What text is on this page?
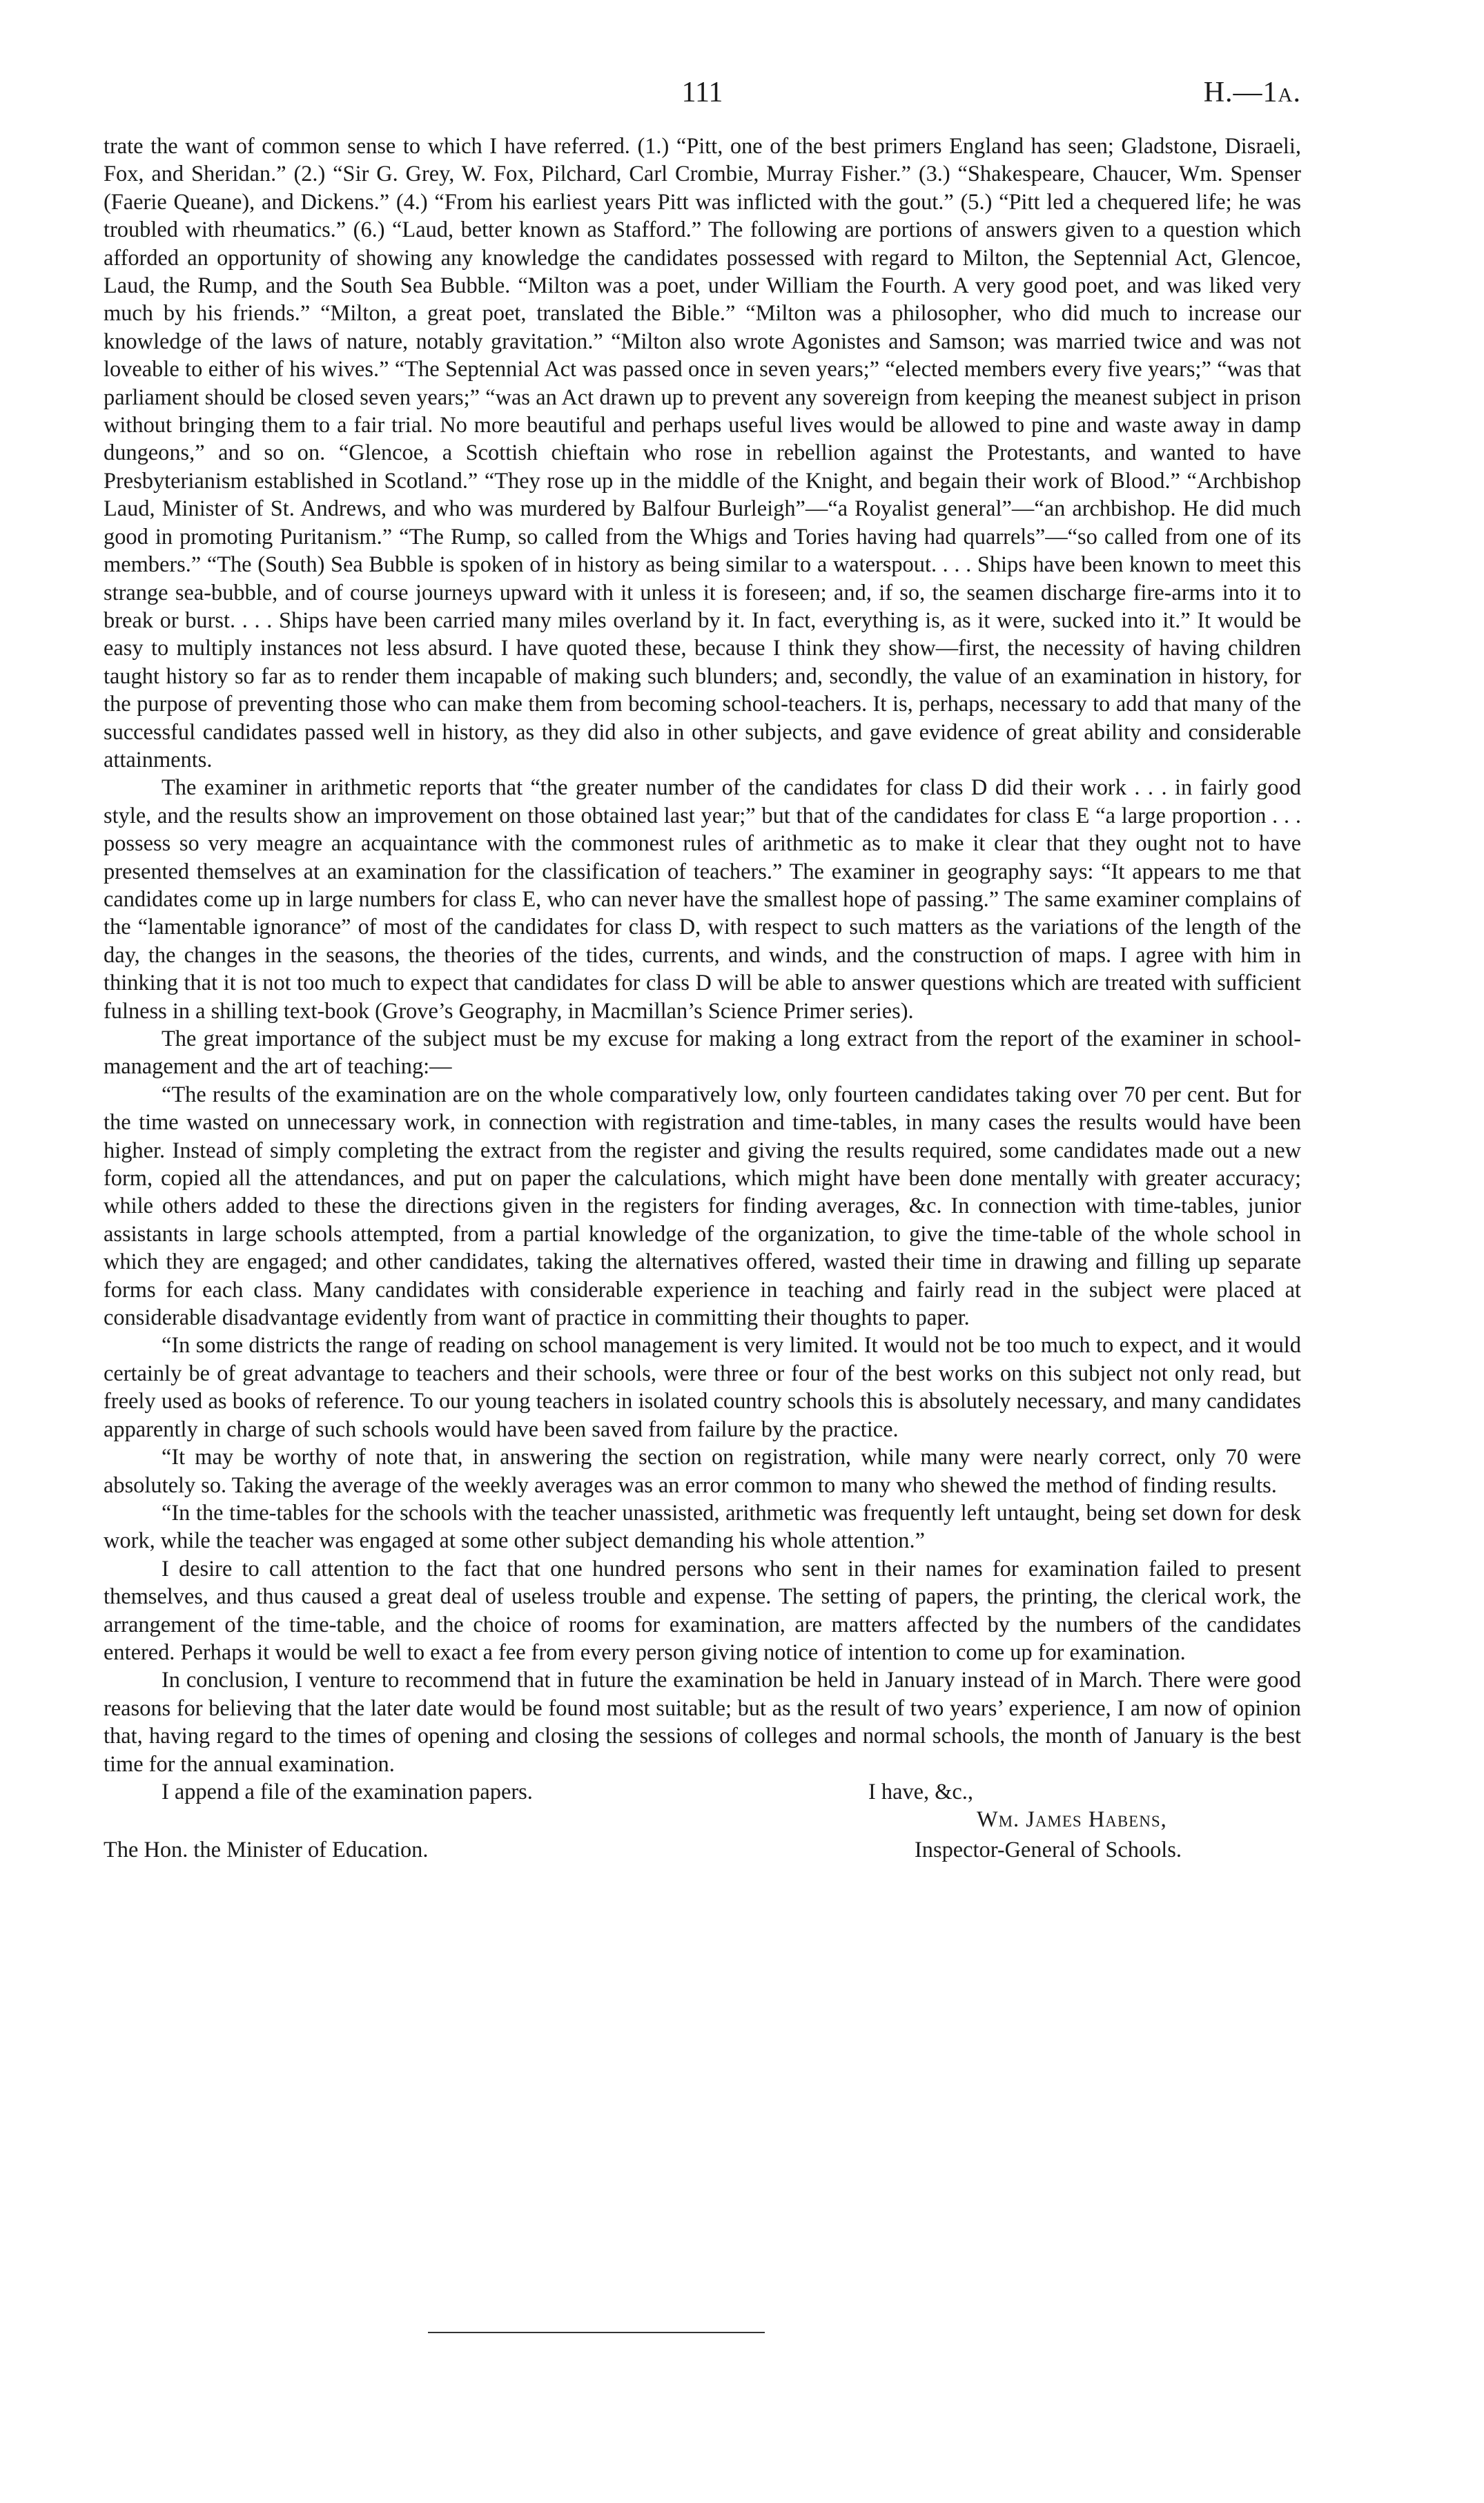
111	H.—1a.

trate the want of common sense to which I have referred. (1.) “Pitt, one of the best primers England has seen; Gladstone, Disraeli, Fox, and Sheridan.” (2.) “Sir G. Grey, W. Fox, Pilchard, Carl Crombie, Murray Fisher.” (3.) “Shakespeare, Chaucer, Wm. Spenser (Faerie Queane), and Dickens.” (4.) “From his earliest years Pitt was inflicted with the gout.” (5.) “Pitt led a chequered life; he was troubled with rheumatics.” (6.) “Laud, better known as Stafford.” The following are portions of answers given to a question which afforded an opportunity of showing any knowledge the candidates possessed with regard to Milton, the Septennial Act, Glencoe, Laud, the Rump, and the South Sea Bubble. “Milton was a poet, under William the Fourth. A very good poet, and was liked very much by his friends.” “Milton, a great poet, translated the Bible.” “Milton was a philosopher, who did much to increase our knowledge of the laws of nature, notably gravitation.” “Milton also wrote Agonistes and Samson; was married twice and was not loveable to either of his wives.” “The Septennial Act was passed once in seven years;” “elected members every five years;” “was that parliament should be closed seven years;” “was an Act drawn up to prevent any sovereign from keeping the meanest subject in prison without bringing them to a fair trial. No more beautiful and perhaps useful lives would be allowed to pine and waste away in damp dungeons,” and so on. “Glencoe, a Scottish chieftain who rose in rebellion against the Protestants, and wanted to have Presbyterianism established in Scotland.” “They rose up in the middle of the Knight, and begain their work of Blood.” “Archbishop Laud, Minister of St. Andrews, and who was murdered by Balfour Burleigh”—“a Royalist general”—“an archbishop. He did much good in promoting Puritanism.” “The Rump, so called from the Whigs and Tories having had quarrels”—“so called from one of its members.” “The (South) Sea Bubble is spoken of in history as being similar to a waterspout. . . . Ships have been known to meet this strange sea-bubble, and of course journeys upward with it unless it is foreseen; and, if so, the seamen discharge fire-arms into it to break or burst. . . . Ships have been carried many miles overland by it. In fact, everything is, as it were, sucked into it.” It would be easy to multiply instances not less absurd. I have quoted these, because I think they show—first, the necessity of having children taught history so far as to render them incapable of making such blunders; and, secondly, the value of an examination in history, for the purpose of preventing those who can make them from becoming school-teachers. It is, perhaps, necessary to add that many of the successful candidates passed well in history, as they did also in other subjects, and gave evidence of great ability and considerable attainments.

The examiner in arithmetic reports that “the greater number of the candidates for class D did their work . . . in fairly good style, and the results show an improvement on those obtained last year;” but that of the candidates for class E “a large proportion . . . possess so very meagre an acquaintance with the commonest rules of arithmetic as to make it clear that they ought not to have presented themselves at an examination for the classification of teachers.” The examiner in geography says: “It appears to me that candidates come up in large numbers for class E, who can never have the smallest hope of passing.” The same examiner complains of the “lamentable ignorance” of most of the candidates for class D, with respect to such matters as the variations of the length of the day, the changes in the seasons, the theories of the tides, currents, and winds, and the construction of maps. I agree with him in thinking that it is not too much to expect that candidates for class D will be able to answer questions which are treated with sufficient fulness in a shilling text-book (Grove’s Geography, in Macmillan’s Science Primer series).

The great importance of the subject must be my excuse for making a long extract from the report of the examiner in school-management and the art of teaching:—

“The results of the examination are on the whole comparatively low, only fourteen candidates taking over 70 per cent. But for the time wasted on unnecessary work, in connection with registration and time-tables, in many cases the results would have been higher. Instead of simply completing the extract from the register and giving the results required, some candidates made out a new form, copied all the attendances, and put on paper the calculations, which might have been done mentally with greater accuracy; while others added to these the directions given in the registers for finding averages, &c. In connection with time-tables, junior assistants in large schools attempted, from a partial knowledge of the organization, to give the time-table of the whole school in which they are engaged; and other candidates, taking the alternatives offered, wasted their time in drawing and filling up separate forms for each class. Many candidates with considerable experience in teaching and fairly read in the subject were placed at considerable disadvantage evidently from want of practice in committing their thoughts to paper.

“In some districts the range of reading on school management is very limited. It would not be too much to expect, and it would certainly be of great advantage to teachers and their schools, were three or four of the best works on this subject not only read, but freely used as books of reference. To our young teachers in isolated country schools this is absolutely necessary, and many candidates apparently in charge of such schools would have been saved from failure by the practice.

“It may be worthy of note that, in answering the section on registration, while many were nearly correct, only 70 were absolutely so. Taking the average of the weekly averages was an error common to many who shewed the method of finding results.

“In the time-tables for the schools with the teacher unassisted, arithmetic was frequently left untaught, being set down for desk work, while the teacher was engaged at some other subject demanding his whole attention.”

I desire to call attention to the fact that one hundred persons who sent in their names for examination failed to present themselves, and thus caused a great deal of useless trouble and expense. The setting of papers, the printing, the clerical work, the arrangement of the time-table, and the choice of rooms for examination, are matters affected by the numbers of the candidates entered. Perhaps it would be well to exact a fee from every person giving notice of intention to come up for examination.

In conclusion, I venture to recommend that in future the examination be held in January instead of in March. There were good reasons for believing that the later date would be found most suitable; but as the result of two years’ experience, I am now of opinion that, having regard to the times of opening and closing the sessions of colleges and normal schools, the month of January is the best time for the annual examination.

I append a file of the examination papers.	I have, &c.,
Wm. James Habens,
The Hon. the Minister of Education.	Inspector-General of Schools.
